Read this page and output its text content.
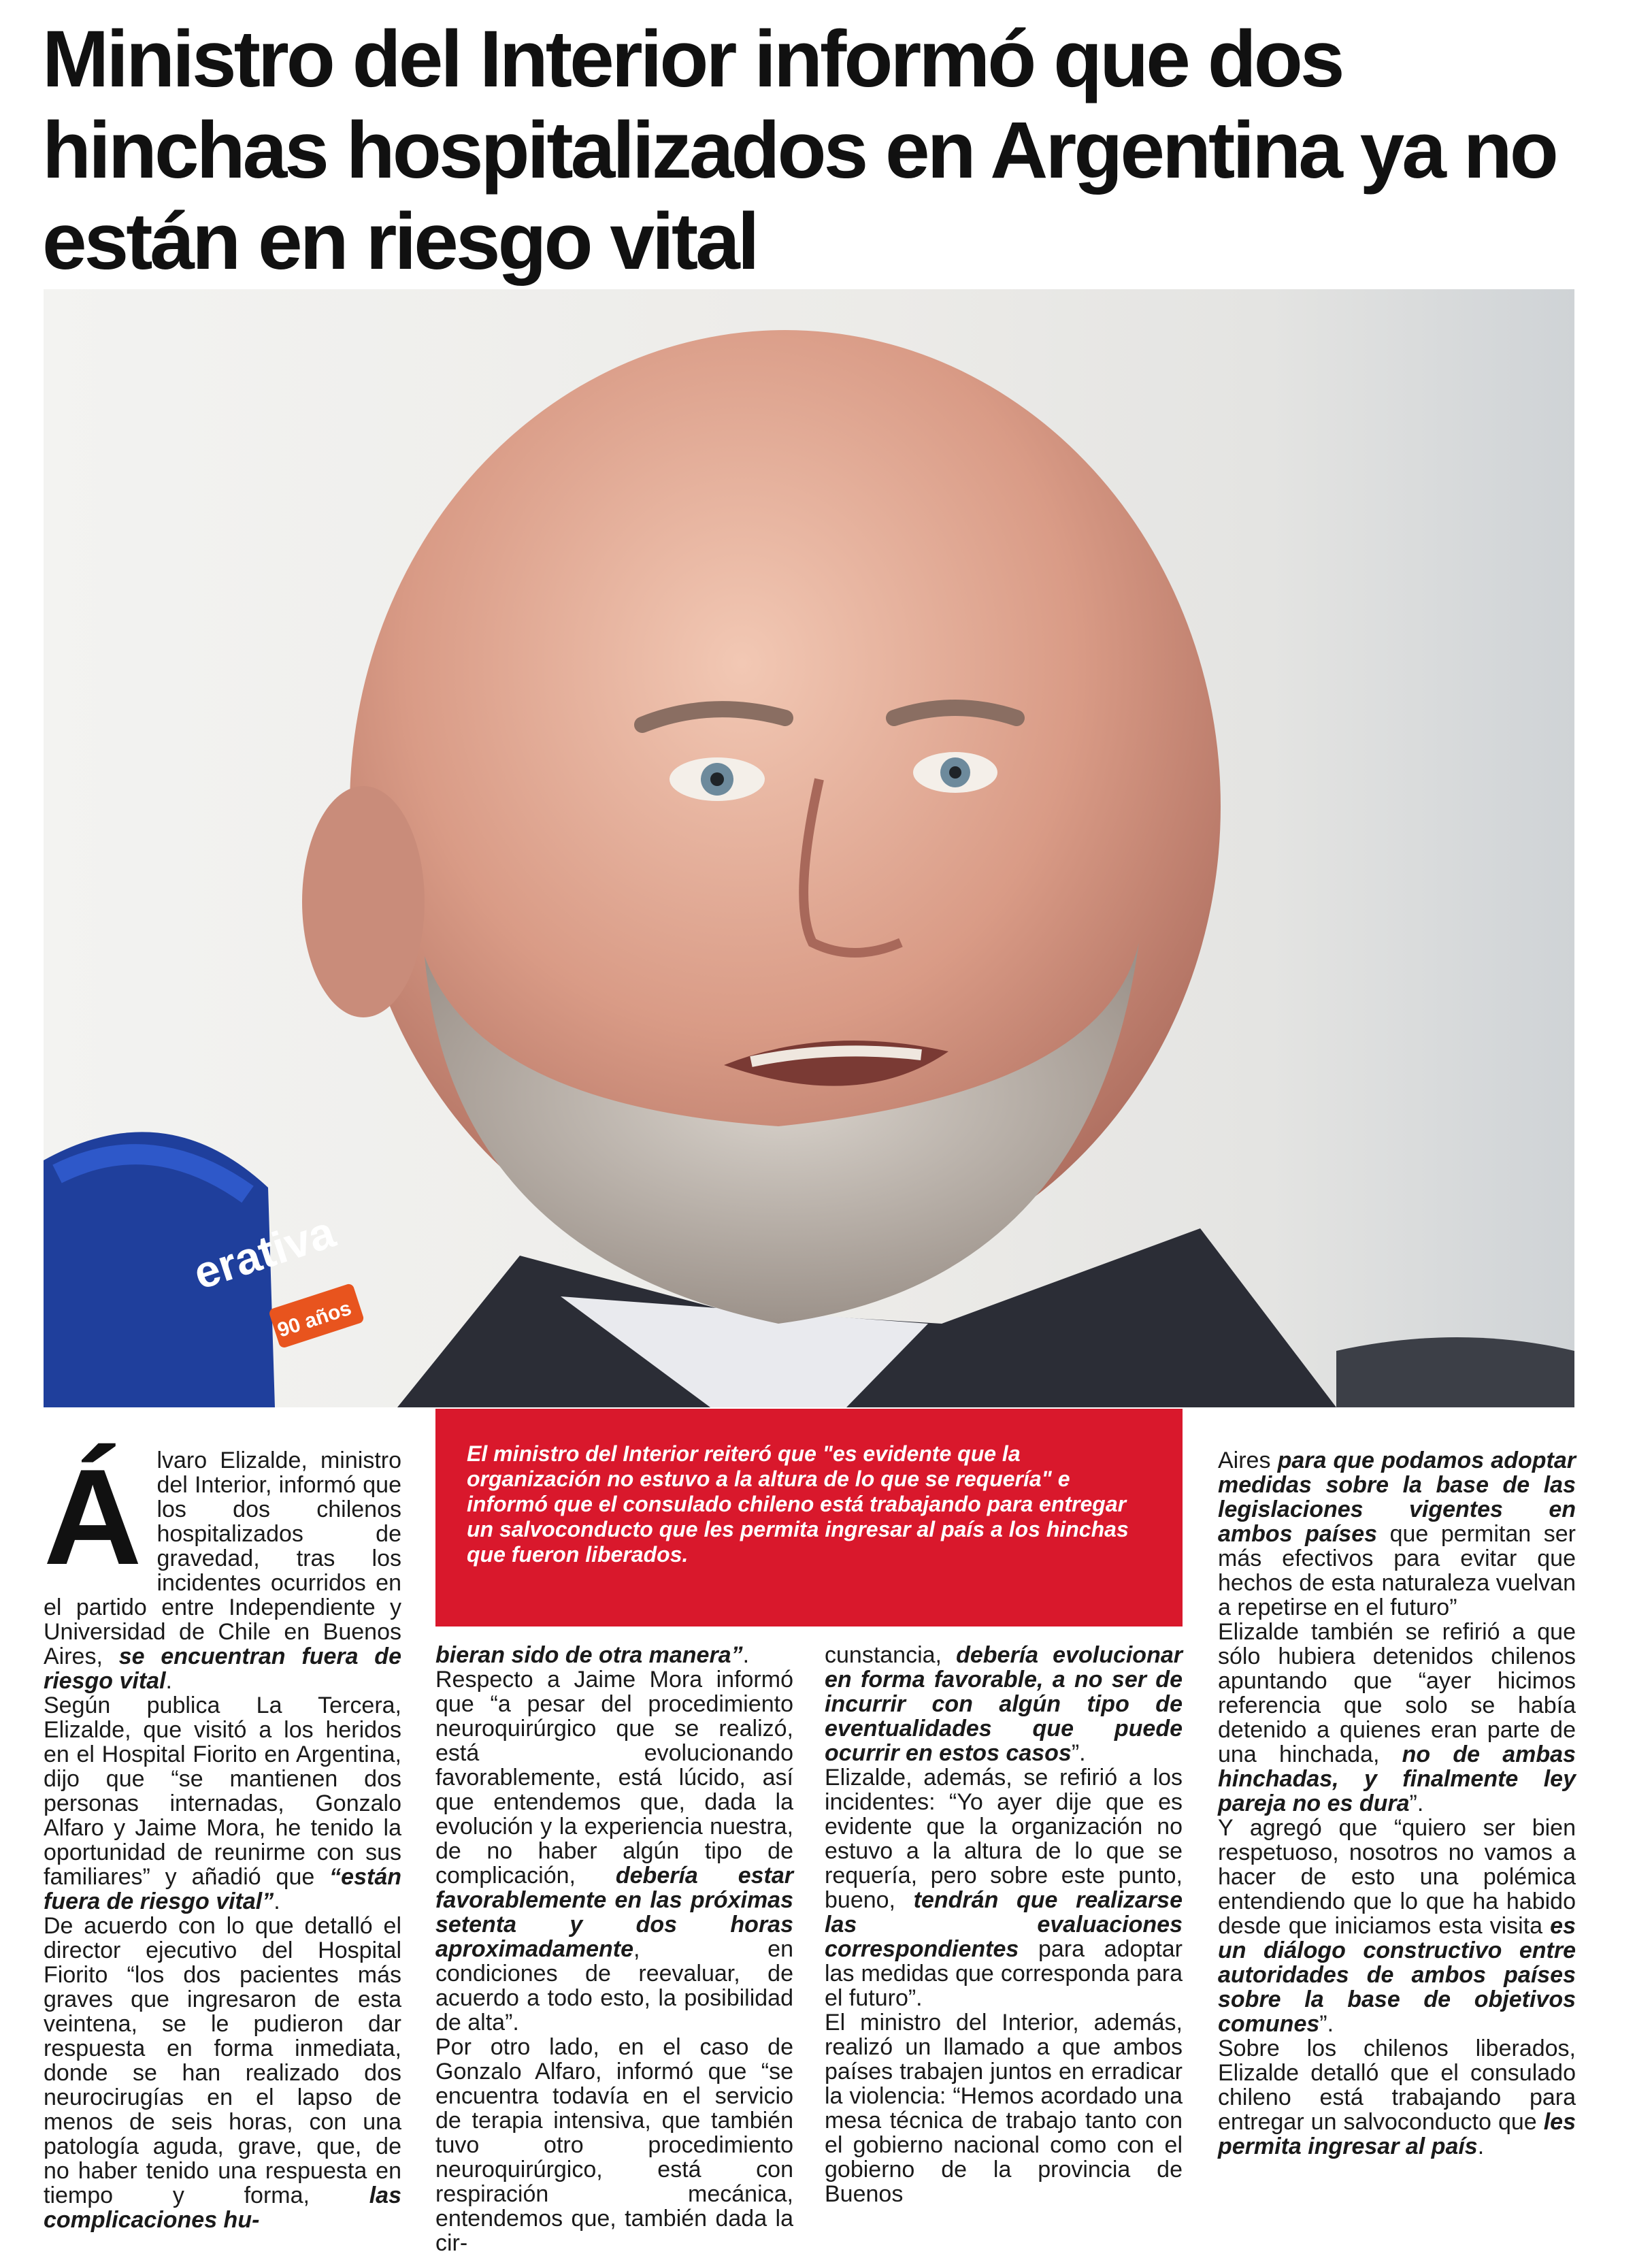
Ministro del Interior informó que dos hinchas hospitalizados en Argentina ya no están en riesgo vital
erativa
90 años

Álvaro Elizalde, ministro del Interior, informó que los dos chilenos hospitalizados de gravedad, tras los incidentes ocurridos en el partido entre Independiente y Universidad de Chile en Buenos Aires, se encuentran fuera de riesgo vital.

Según publica La Tercera, Elizalde, que visitó a los heridos en el Hospital Fiorito en Argentina, dijo que “se mantienen dos personas internadas, Gonzalo Alfaro y Jaime Mora, he tenido la oportunidad de reunirme con sus familiares” y añadió que “están fuera de riesgo vital”.

De acuerdo con lo que detalló el director ejecutivo del Hospital Fiorito “los dos pacientes más graves que ingresaron de esta veintena, se le pudieron dar respuesta en forma inmediata, donde se han realizado dos neurocirugías en el lapso de menos de seis horas, con una patología aguda, grave, que, de no haber tenido una respuesta en tiempo y forma, las complicaciones hu-

El ministro del Interior reiteró que "es evidente que la organización no estuvo a la altura de lo que se requería" e informó que el consulado chileno está trabajando para entregar un salvoconducto que les permita ingresar al país a los hinchas que fueron liberados.

bieran sido de otra manera”.

Respecto a Jaime Mora informó que “a pesar del procedimiento neuroquirúrgico que se realizó, está evolucionando favorablemente, está lúcido, así que entendemos que, dada la evolución y la experiencia nuestra, de no haber algún tipo de complicación, debería estar favorablemente en las próximas setenta y dos horas aproximadamente, en condiciones de reevaluar, de acuerdo a todo esto, la posibilidad de alta”.

Por otro lado, en el caso de Gonzalo Alfaro, informó que “se encuentra todavía en el servicio de terapia intensiva, que también tuvo otro procedimiento neuroquirúrgico, está con respiración mecánica, entendemos que, también dada la cir-

cunstancia, debería evolucionar en forma favorable, a no ser de incurrir con algún tipo de eventualidades que puede ocurrir en estos casos”.

Elizalde, además, se refirió a los incidentes: “Yo ayer dije que es evidente que la organización no estuvo a la altura de lo que se requería, pero sobre este punto, bueno, tendrán que realizarse las evaluaciones correspondientes para adoptar las medidas que corresponda para el futuro”.

El ministro del Interior, además, realizó un llamado a que ambos países trabajen juntos en erradicar la violencia: “Hemos acordado una mesa técnica de trabajo tanto con el gobierno nacional como con el gobierno de la provincia de Buenos

Aires para que podamos adoptar medidas sobre la base de las legislaciones vigentes en ambos países que permitan ser más efectivos para evitar que hechos de esta naturaleza vuelvan a repetirse en el futuro”

Elizalde también se refirió a que sólo hubiera detenidos chilenos apuntando que “ayer hicimos referencia que solo se había detenido a quienes eran parte de una hinchada, no de ambas hinchadas, y finalmente ley pareja no es dura”.

Y agregó que “quiero ser bien respetuoso, nosotros no vamos a hacer de esto una polémica entendiendo que lo que ha habido desde que iniciamos esta visita es un diálogo constructivo entre autoridades de ambos países sobre la base de objetivos comunes”.

Sobre los chilenos liberados, Elizalde detalló que el consulado chileno está trabajando para entregar un salvoconducto que les permita ingresar al país.
